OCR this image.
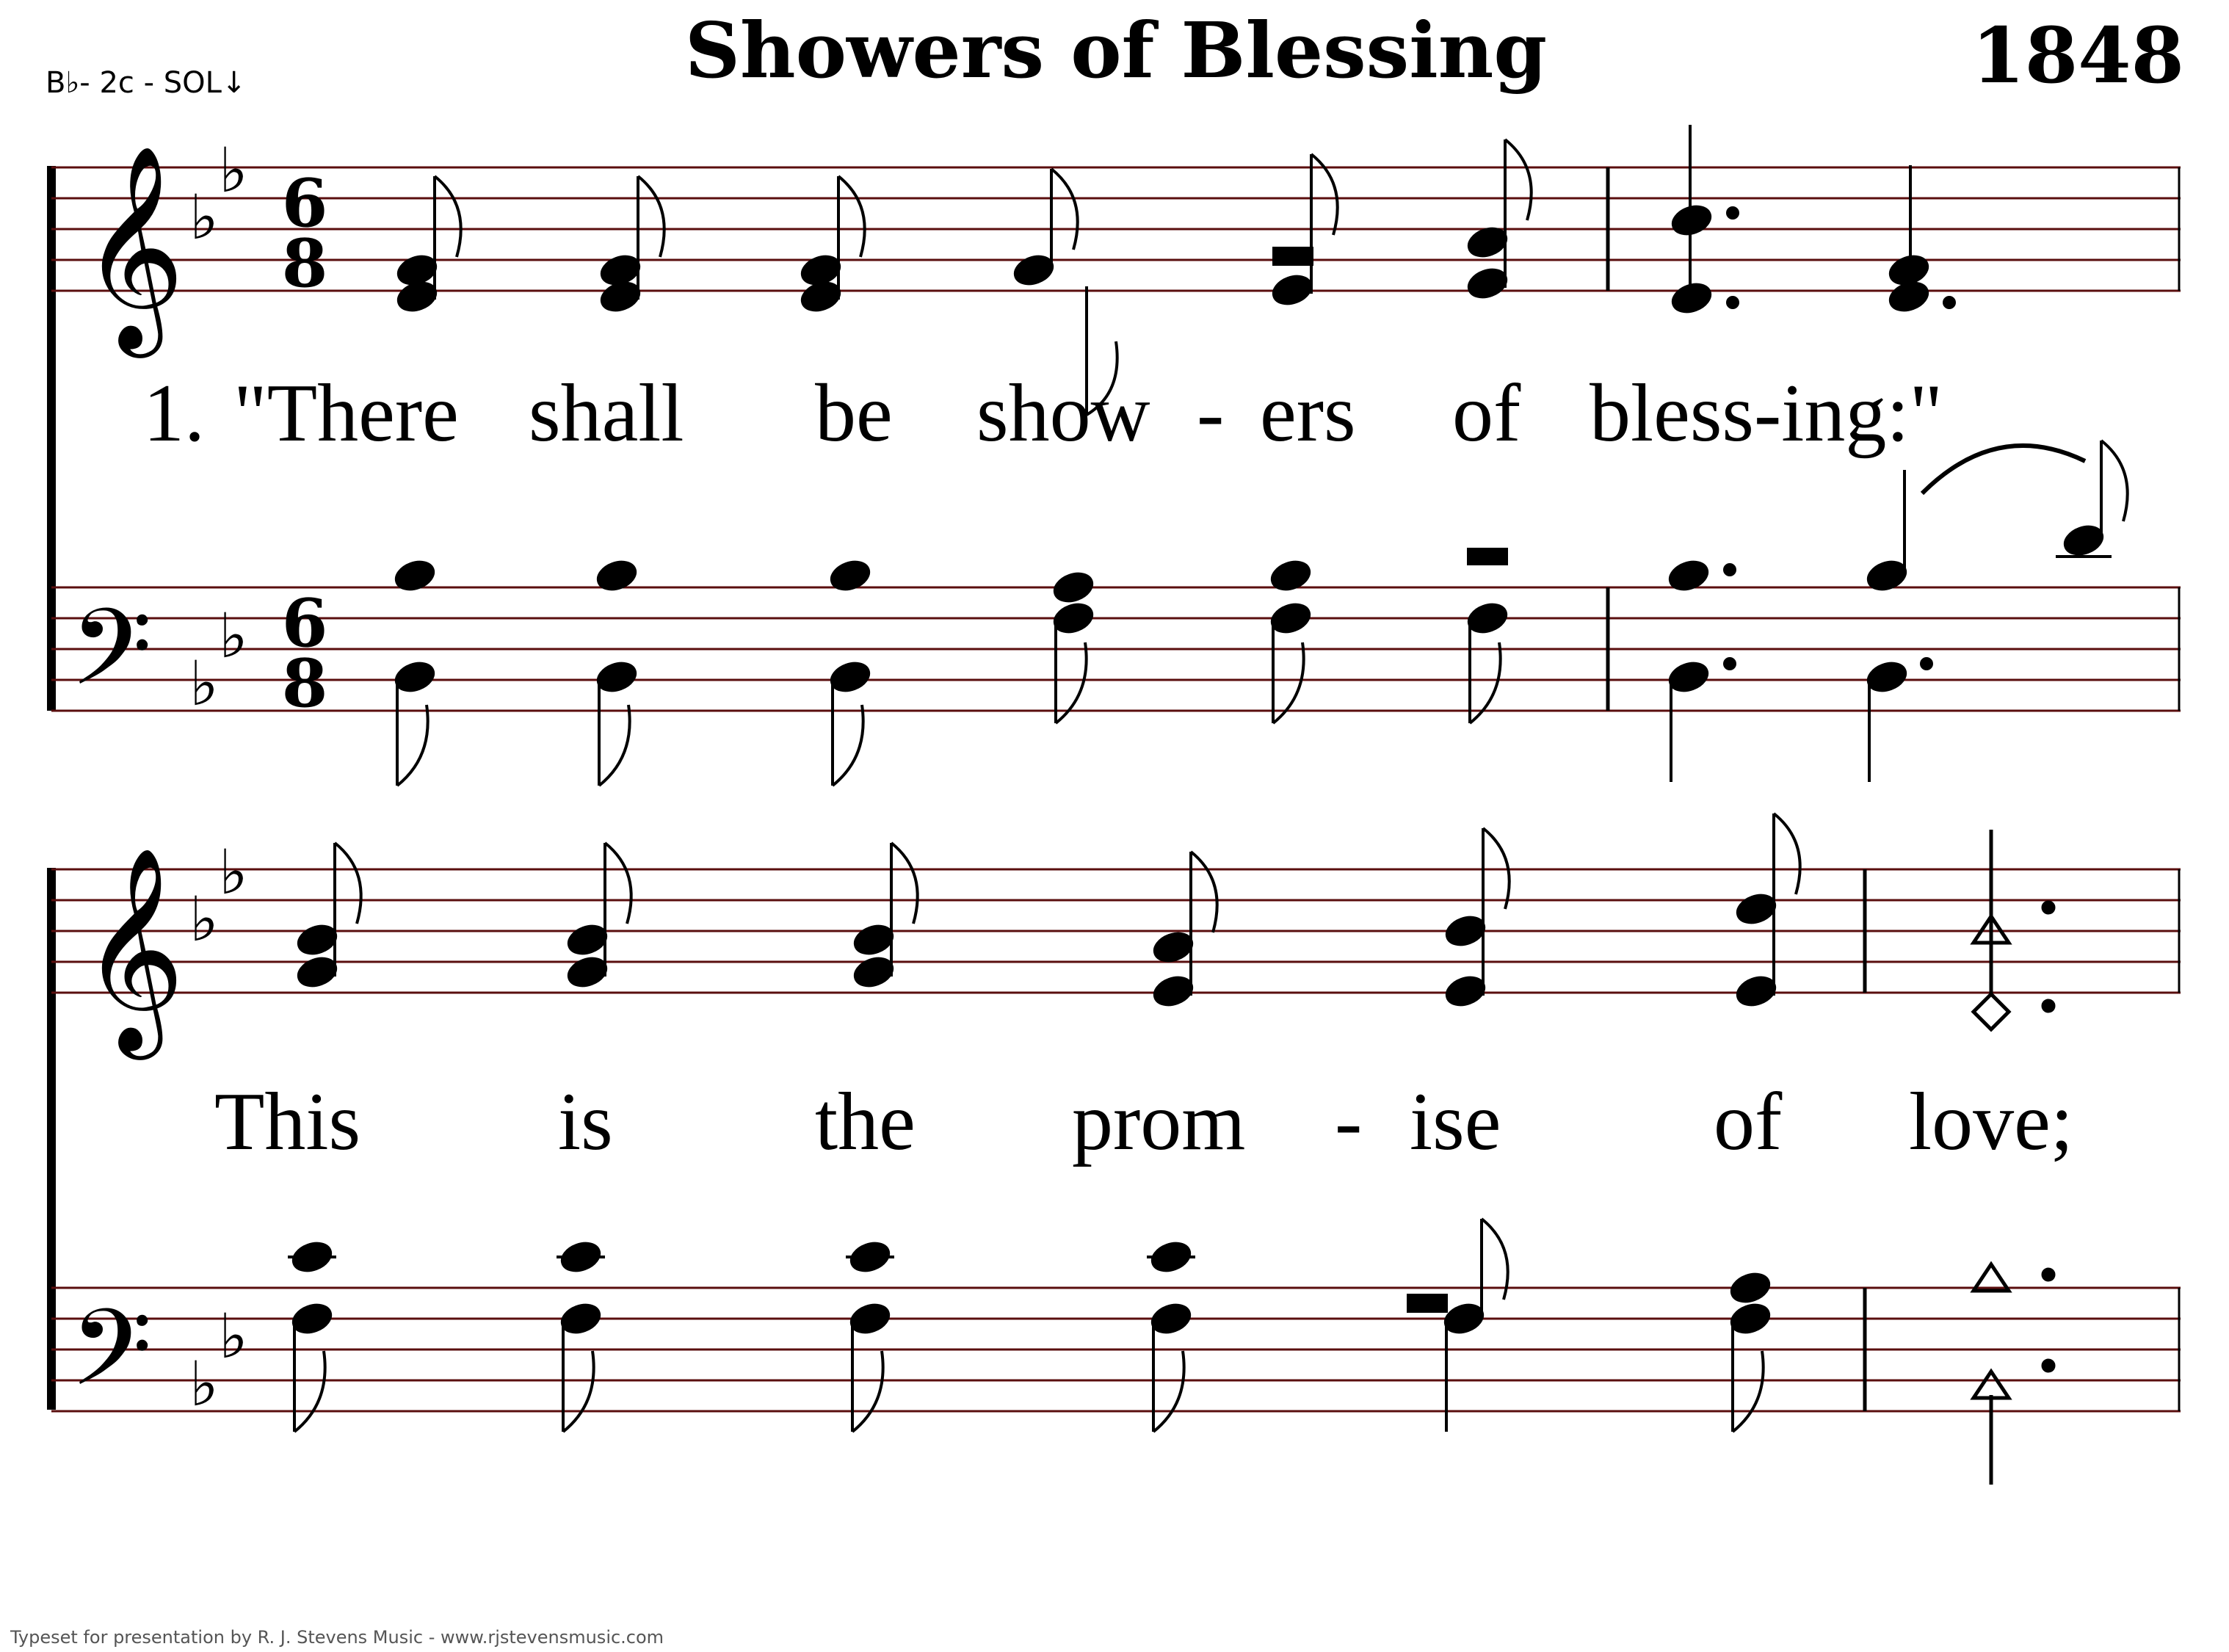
B♭- 2c - SOL↓	Showers of Blessing	1848
𝄞 ♭
♭ 6
8
1. "There shall be show - ers of bless-ing:"
𝄢 ♭
♭ 6
8
𝄞 ♭
♭
This is the prom - ise	of love;
𝄢 ♭
♭
Typeset for presentation by R. J. Stevens Music - www.rjstevensmusic.com
